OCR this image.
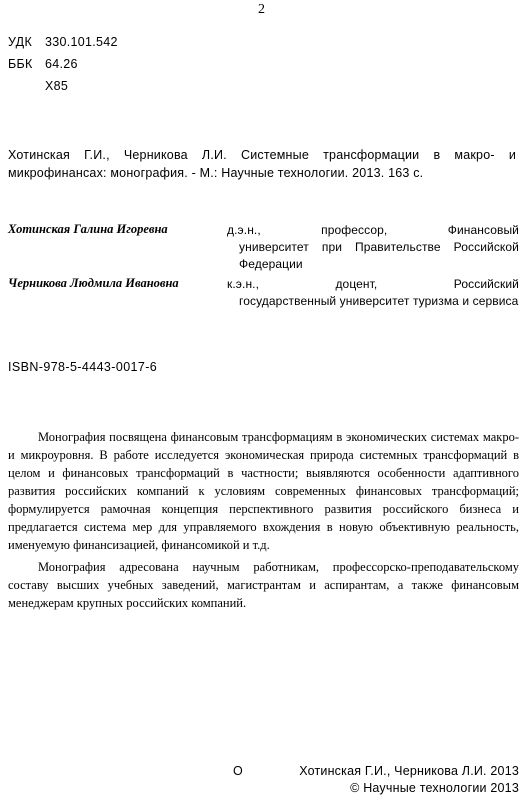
2
УДК 330.101.542
ББК 64.26
Х85
Хотинская Г.И., Черникова Л.И. Системные трансформации в макро- и микрофинансах: монография. - М.: Научные технологии. 2013. 163 с.
Хотинская Галина Игоревна	д.э.н., профессор, Финансовый
университет при Правительстве Российской Федерации
Черникова Людмила Ивановна	к.э.н., доцент, Российский
государственный университет туризма и сервиса
ISBN-978-5-4443-0017-6

Монография посвящена финансовым трансформациям в экономических системах макро- и микроуровня. В работе исследуется экономическая природа системных трансформаций в целом и финансовых трансформаций в частности; выявляются особенности адаптивного развития российских компаний к условиям современных финансовых трансформаций; формулируется рамочная концепция перспективного развития российского бизнеса и предлагается система мер для управляемого вхождения в новую объективную реальность, именуемую финансизацией, финансомикой и т.д.

Монография адресована научным работникам, профессорско-преподавательскому составу высших учебных заведений, магистрантам и аспирантам, а также финансовым менеджерам крупных российских компаний.

О	Хотинская Г.И., Черникова Л.И. 2013
© Научные технологии 2013
